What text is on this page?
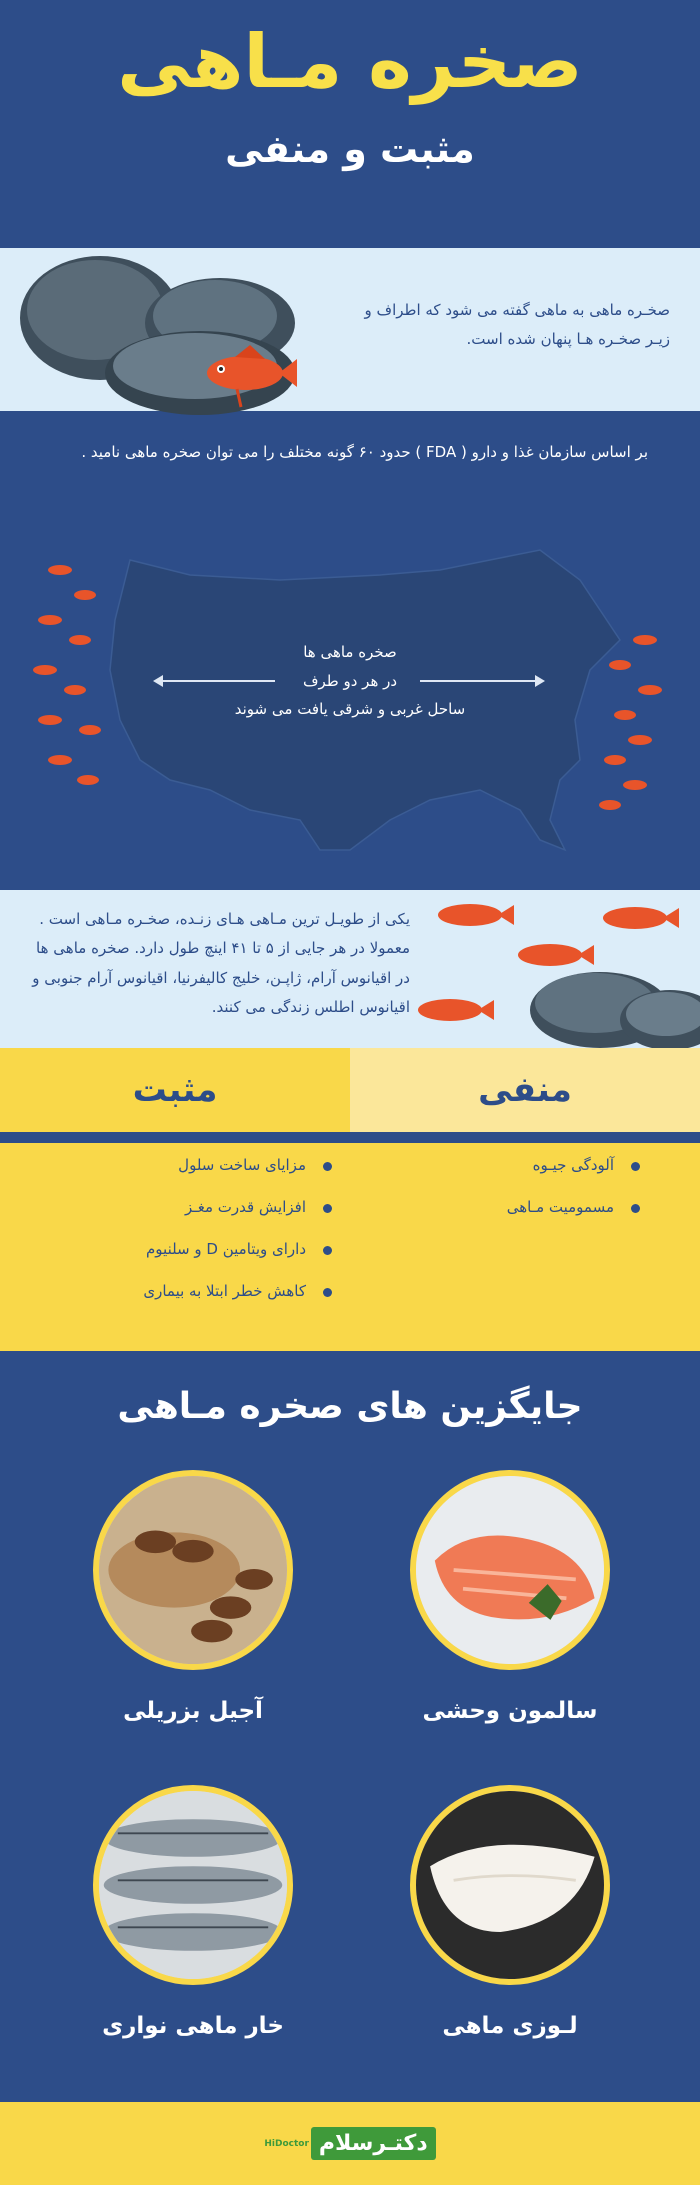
صخره مـاهی
مثبت و منفی
صخـره ماهی به ماهی گفته می شود که اطراف و زیـر صخـره هـا پنهان شده است.
بر اساس سازمان غذا و دارو ( FDA ) حدود ۶۰ گونه مختلف را می توان صخره ماهی نامید .
صخره ماهی ها
در هر دو طرف
ساحل غربی و شرقی یافت می شوند
یکی از طویـل ترین مـاهی هـای زنـده، صخـره مـاهی است . معمولا در هر جایی از ۵ تا ۴۱ اینچ طول دارد. صخره ماهی ها در اقیانوس آرام، ژاپـن، خلیج کالیفرنیا، اقیانوس آرام جنوبی و اقیانوس اطلس زندگی می کنند.
منفی
مثبت
آلودگی جیـوه
مسمومیت مـاهی
مزایای ساخت سلول
افزایش قدرت مغـز
دارای ویتامین D و سلنیوم
کاهش خطر ابتلا به بیماری
جایگزین های صخره مـاهی
سالمون وحشی
آجیل بزریلی
لـوزی ماهی
خار ماهی نواری
دکتـرسلام
HiDoctor
